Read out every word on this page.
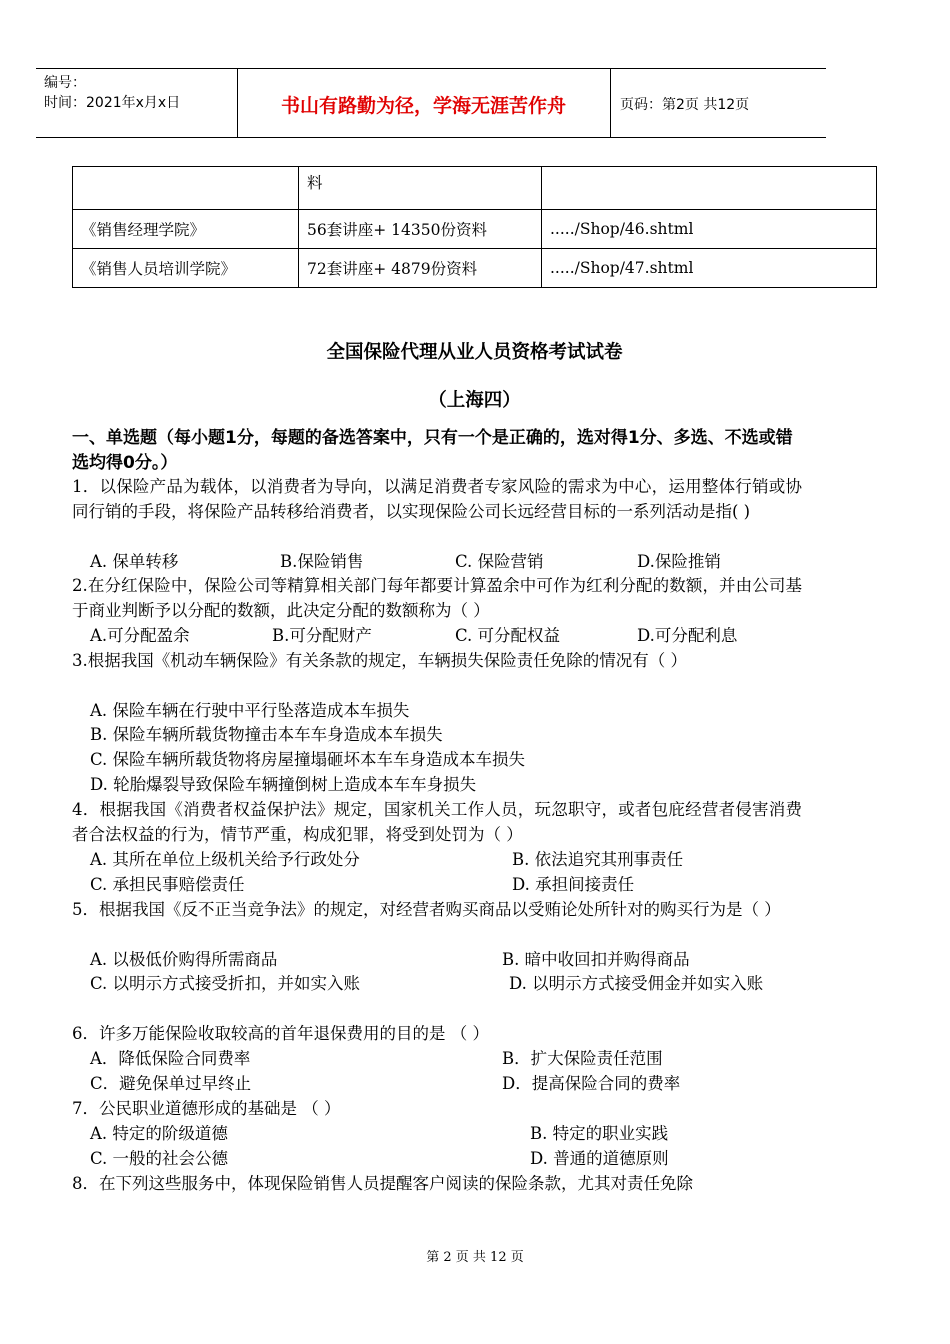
编号：
时间：2021年x月x日	书山有路勤为径，学海无涯苦作舟	页码：第2页 共12页
	料	
《销售经理学院》	56套讲座+ 14350份资料	...../Shop/46.shtml
《销售人员培训学院》	72套讲座+ 4879份资料	...../Shop/47.shtml
全国保险代理从业人员资格考试试卷
（上海四）
一、单选题（每小题1分，每题的备选答案中，只有一个是正确的，选对得1分、多选、不选或错选均得0分。）
1．以保险产品为载体，以消费者为导向，以满足消费者专家风险的需求为中心，运用整体行销或协同行销的手段，将保险产品转移给消费者，以实现保险公司长远经营目标的一系列活动是指( )
A. 保单转移	B.保险销售	C. 保险营销	D.保险推销
2.在分红保险中，保险公司等精算相关部门每年都要计算盈余中可作为红利分配的数额，并由公司基于商业判断予以分配的数额，此决定分配的数额称为（ ）
A.可分配盈余	B.可分配财产	C. 可分配权益	D.可分配利息
3.根据我国《机动车辆保险》有关条款的规定，车辆损失保险责任免除的情况有（ ）
A. 保险车辆在行驶中平行坠落造成本车损失
B. 保险车辆所载货物撞击本车车身造成本车损失
C. 保险车辆所载货物将房屋撞塌砸坏本车车身造成本车损失
D. 轮胎爆裂导致保险车辆撞倒树上造成本车车身损失
4．根据我国《消费者权益保护法》规定，国家机关工作人员，玩忽职守，或者包庇经营者侵害消费者合法权益的行为，情节严重，构成犯罪，将受到处罚为（ ）
A. 其所在单位上级机关给予行政处分	B. 依法追究其刑事责任
C. 承担民事赔偿责任	D. 承担间接责任
5．根据我国《反不正当竞争法》的规定，对经营者购买商品以受贿论处所针对的购买行为是（ ）
A. 以极低价购得所需商品	B. 暗中收回扣并购得商品
C. 以明示方式接受折扣，并如实入账	D. 以明示方式接受佣金并如实入账
6．许多万能保险收取较高的首年退保费用的目的是 （ ）
A．降低保险合同费率	B．扩大保险责任范围
C．避免保单过早终止	D．提高保险合同的费率
7．公民职业道德形成的基础是 （ ）
A. 特定的阶级道德	B. 特定的职业实践
C. 一般的社会公德	D. 普通的道德原则
8．在下列这些服务中，体现保险销售人员提醒客户阅读的保险条款，尤其对责任免除
第 2 页 共 12 页
